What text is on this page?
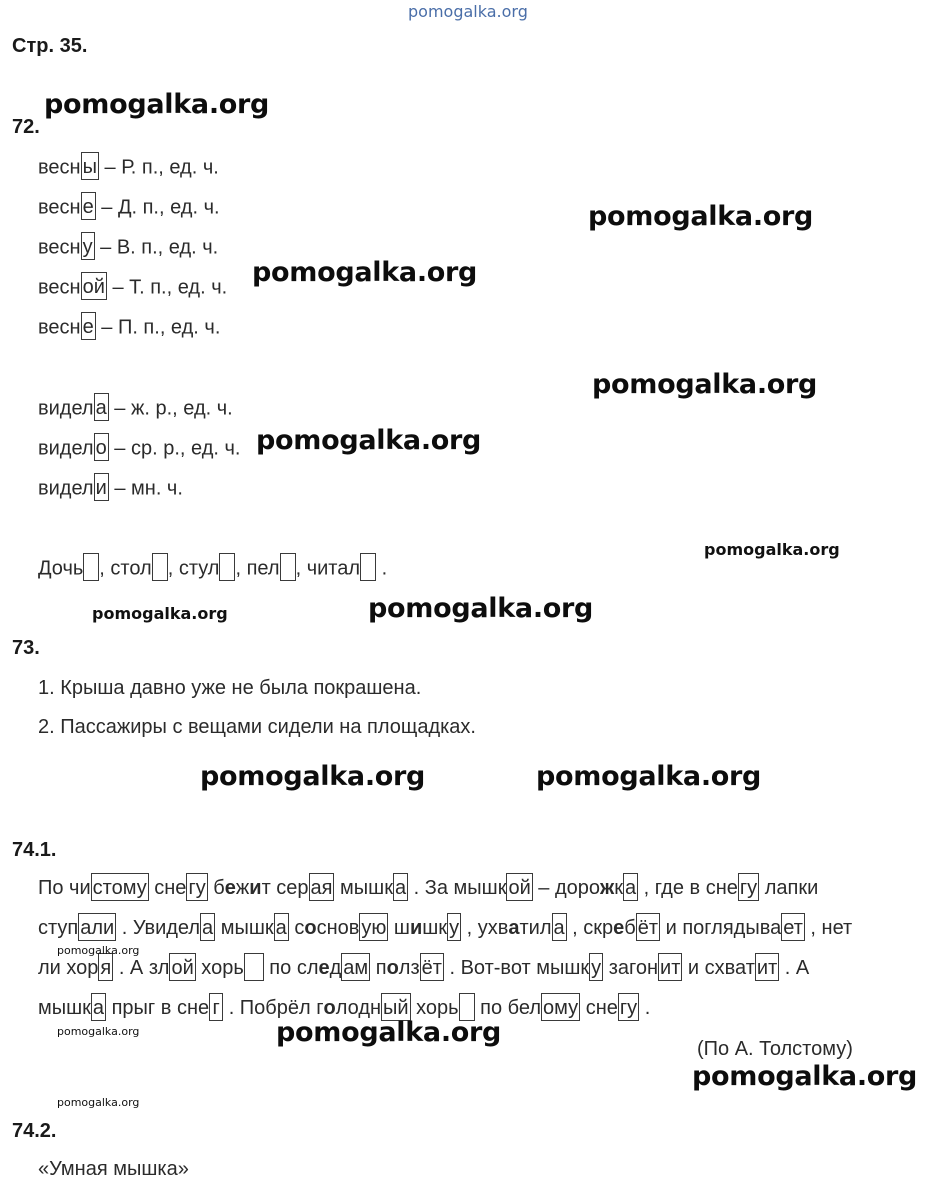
pomogalka.org
Стр. 35.
72.
весн ы – Р. п., ед. ч.
весн е – Д. п., ед. ч.
весн у – В. п., ед. ч.
весн ой – Т. п., ед. ч.
весн е – П. п., ед. ч.
видел а – ж. р., ед. ч.
видел о – ср. р., ед. ч.
видел и – мн. ч.
Дочь , стол , стул , пел , читал .
73.
1. Крыша давно уже не была покрашена.
2. Пассажиры с вещами сидели на площадках.
74.1.
По чи стому сне гу бежит сер ая мышк а . За мышк ой – дорожк а , где в сне гу лапки
ступ али . Увидел а мышк а соснов ую шишк у , ухватил а , скреб ёт и поглядыва ет , нет
ли хор я . А зл ой хорь по след ам полз ёт . Вот-вот мышк у загон ит и схват ит . А
мышк а прыг в сне г . Побрёл голодн ый хорь по бел ому сне гу .
(По А. Толстому)
74.2.
«Умная мышка»
pomogalka.org
pomogalka.org
pomogalka.org
pomogalka.org
pomogalka.org
pomogalka.org
pomogalka.org
pomogalka.org
pomogalka.org	pomogalka.org
pomogalka.org
pomogalka.org	pomogalka.org
pomogalka.org
pomogalka.org
